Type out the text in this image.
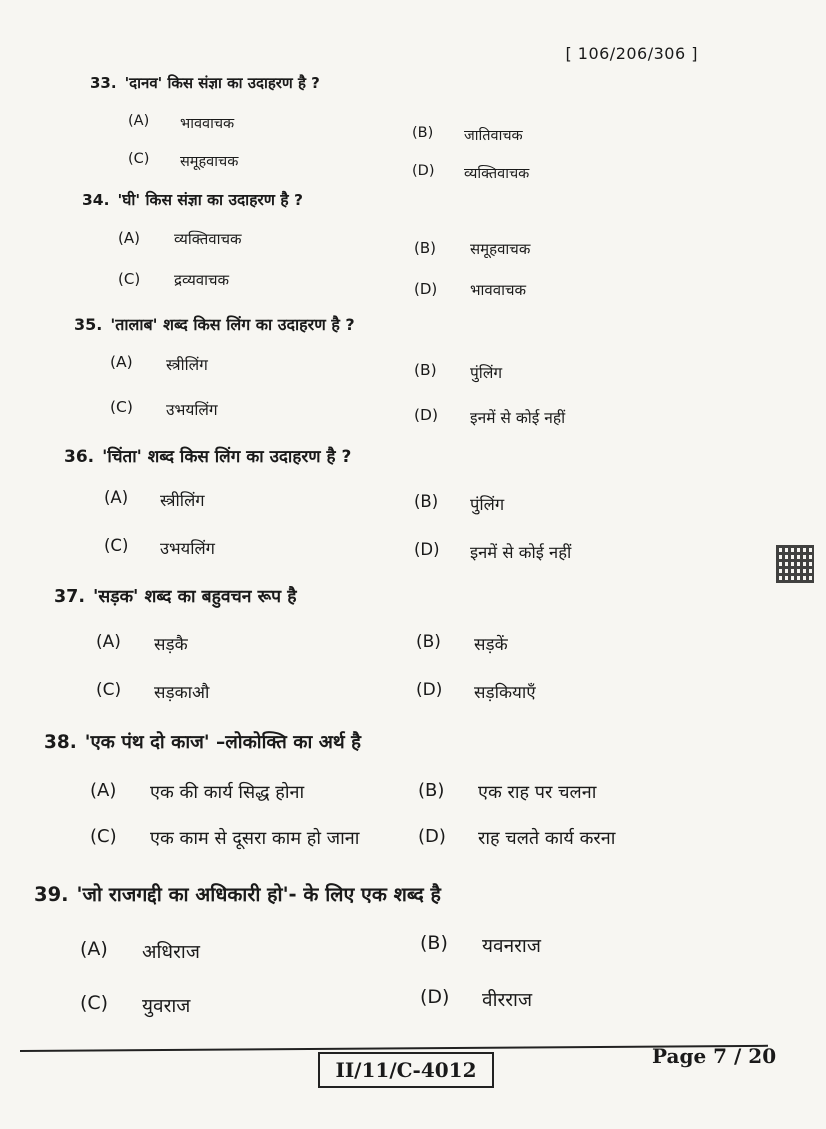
[ 106/206/306 ]
33. 'दानव' किस संज्ञा का उदाहरण है ?
(A)	भाववाचक
(B)	जातिवाचक
(C)	समूहवाचक
(D)	व्यक्तिवाचक
34. 'घी' किस संज्ञा का उदाहरण है ?
(A)	व्यक्तिवाचक	(B)	समूहवाचक
(C)	द्रव्यवाचक	(D)	भाववाचक
35. 'तालाब' शब्द किस लिंग का उदाहरण है ?
(A)	स्त्रीलिंग	(B)	पुंलिंग
(C)	उभयलिंग	(D)	इनमें से कोई नहीं
36. 'चिंता' शब्द किस लिंग का उदाहरण है ?
(A)	स्त्रीलिंग	(B)	पुंलिंग
(C)	उभयलिंग	(D)	इनमें से कोई नहीं
37. 'सड़क' शब्द का बहुवचन रूप है
(A)	सड़कै	(B)	सड़कें
(C)	सड़काऔ	(D)	सड़कियाएँ
38. 'एक पंथ दो काज' –लोकोक्ति का अर्थ है
(A)	एक की कार्य सिद्ध होना	(B)	एक राह पर चलना
(C)	एक काम से दूसरा काम हो जाना	(D)	राह चलते कार्य करना
39. 'जो राजगद्दी का अधिकारी हो'- के लिए एक शब्द है
(A)	अधिराज	(B)	यवनराज
(C)	युवराज	(D)	वीरराज
II/11/C-4012
Page 7 / 20
